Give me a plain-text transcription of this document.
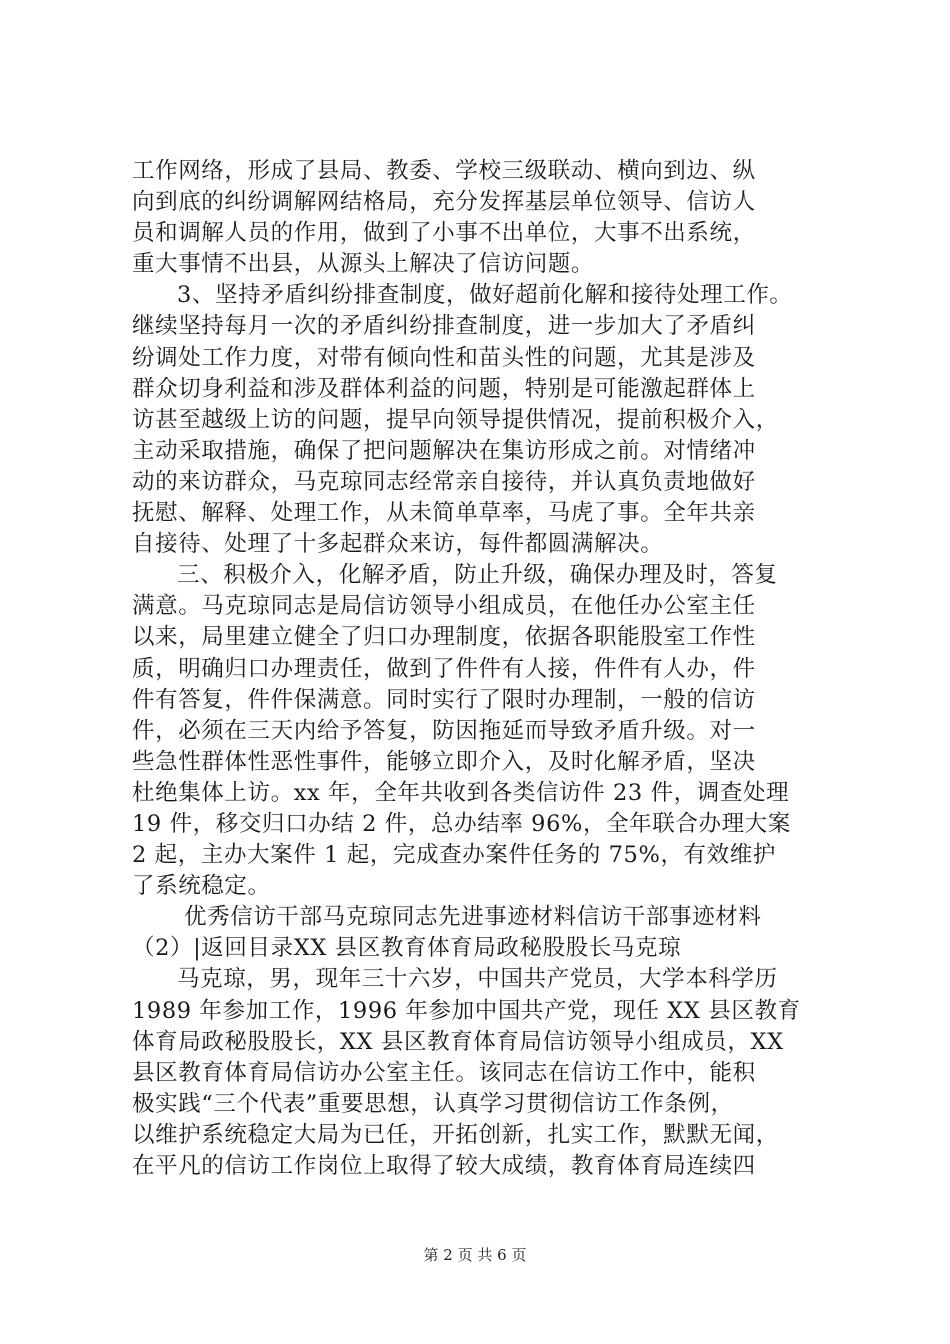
工作网络，形成了县局、教委、学校三级联动、横向到边、纵
向到底的纠纷调解网结格局，充分发挥基层单位领导、信访人
员和调解人员的作用，做到了小事不出单位，大事不出系统，
重大事情不出县，从源头上解决了信访问题。
3、坚持矛盾纠纷排查制度，做好超前化解和接待处理工作。
继续坚持每月一次的矛盾纠纷排查制度，进一步加大了矛盾纠
纷调处工作力度，对带有倾向性和苗头性的问题，尤其是涉及
群众切身利益和涉及群体利益的问题，特别是可能激起群体上
访甚至越级上访的问题，提早向领导提供情况，提前积极介入，
主动采取措施，确保了把问题解决在集访形成之前。对情绪冲
动的来访群众，马克琼同志经常亲自接待，并认真负责地做好
抚慰、解释、处理工作，从未简单草率，马虎了事。全年共亲
自接待、处理了十多起群众来访，每件都圆满解决。
三、积极介入，化解矛盾，防止升级，确保办理及时，答复
满意。马克琼同志是局信访领导小组成员，在他任办公室主任
以来，局里建立健全了归口办理制度，依据各职能股室工作性
质，明确归口办理责任，做到了件件有人接，件件有人办，件
件有答复，件件保满意。同时实行了限时办理制，一般的信访
件，必须在三天内给予答复，防因拖延而导致矛盾升级。对一
些急性群体性恶性事件，能够立即介入，及时化解矛盾，坚决
杜绝集体上访。xx 年，全年共收到各类信访件 23 件，调查处理
19 件，移交归口办结 2 件，总办结率 96%，全年联合办理大案
2 起，主办大案件 1 起，完成查办案件任务的 75%，有效维护
了系统稳定。
优秀信访干部马克琼同志先进事迹材料信访干部事迹材料
（2）|返回目录XX 县区教育体育局政秘股股长马克琼
马克琼，男，现年三十六岁，中国共产党员，大学本科学历
1989 年参加工作，1996 年参加中国共产党，现任 XX 县区教育
体育局政秘股股长，XX 县区教育体育局信访领导小组成员，XX
县区教育体育局信访办公室主任。该同志在信访工作中，能积
极实践“三个代表”重要思想，认真学习贯彻信访工作条例，
以维护系统稳定大局为已任，开拓创新，扎实工作，默默无闻，
在平凡的信访工作岗位上取得了较大成绩，教育体育局连续四
第 2 页 共 6 页
